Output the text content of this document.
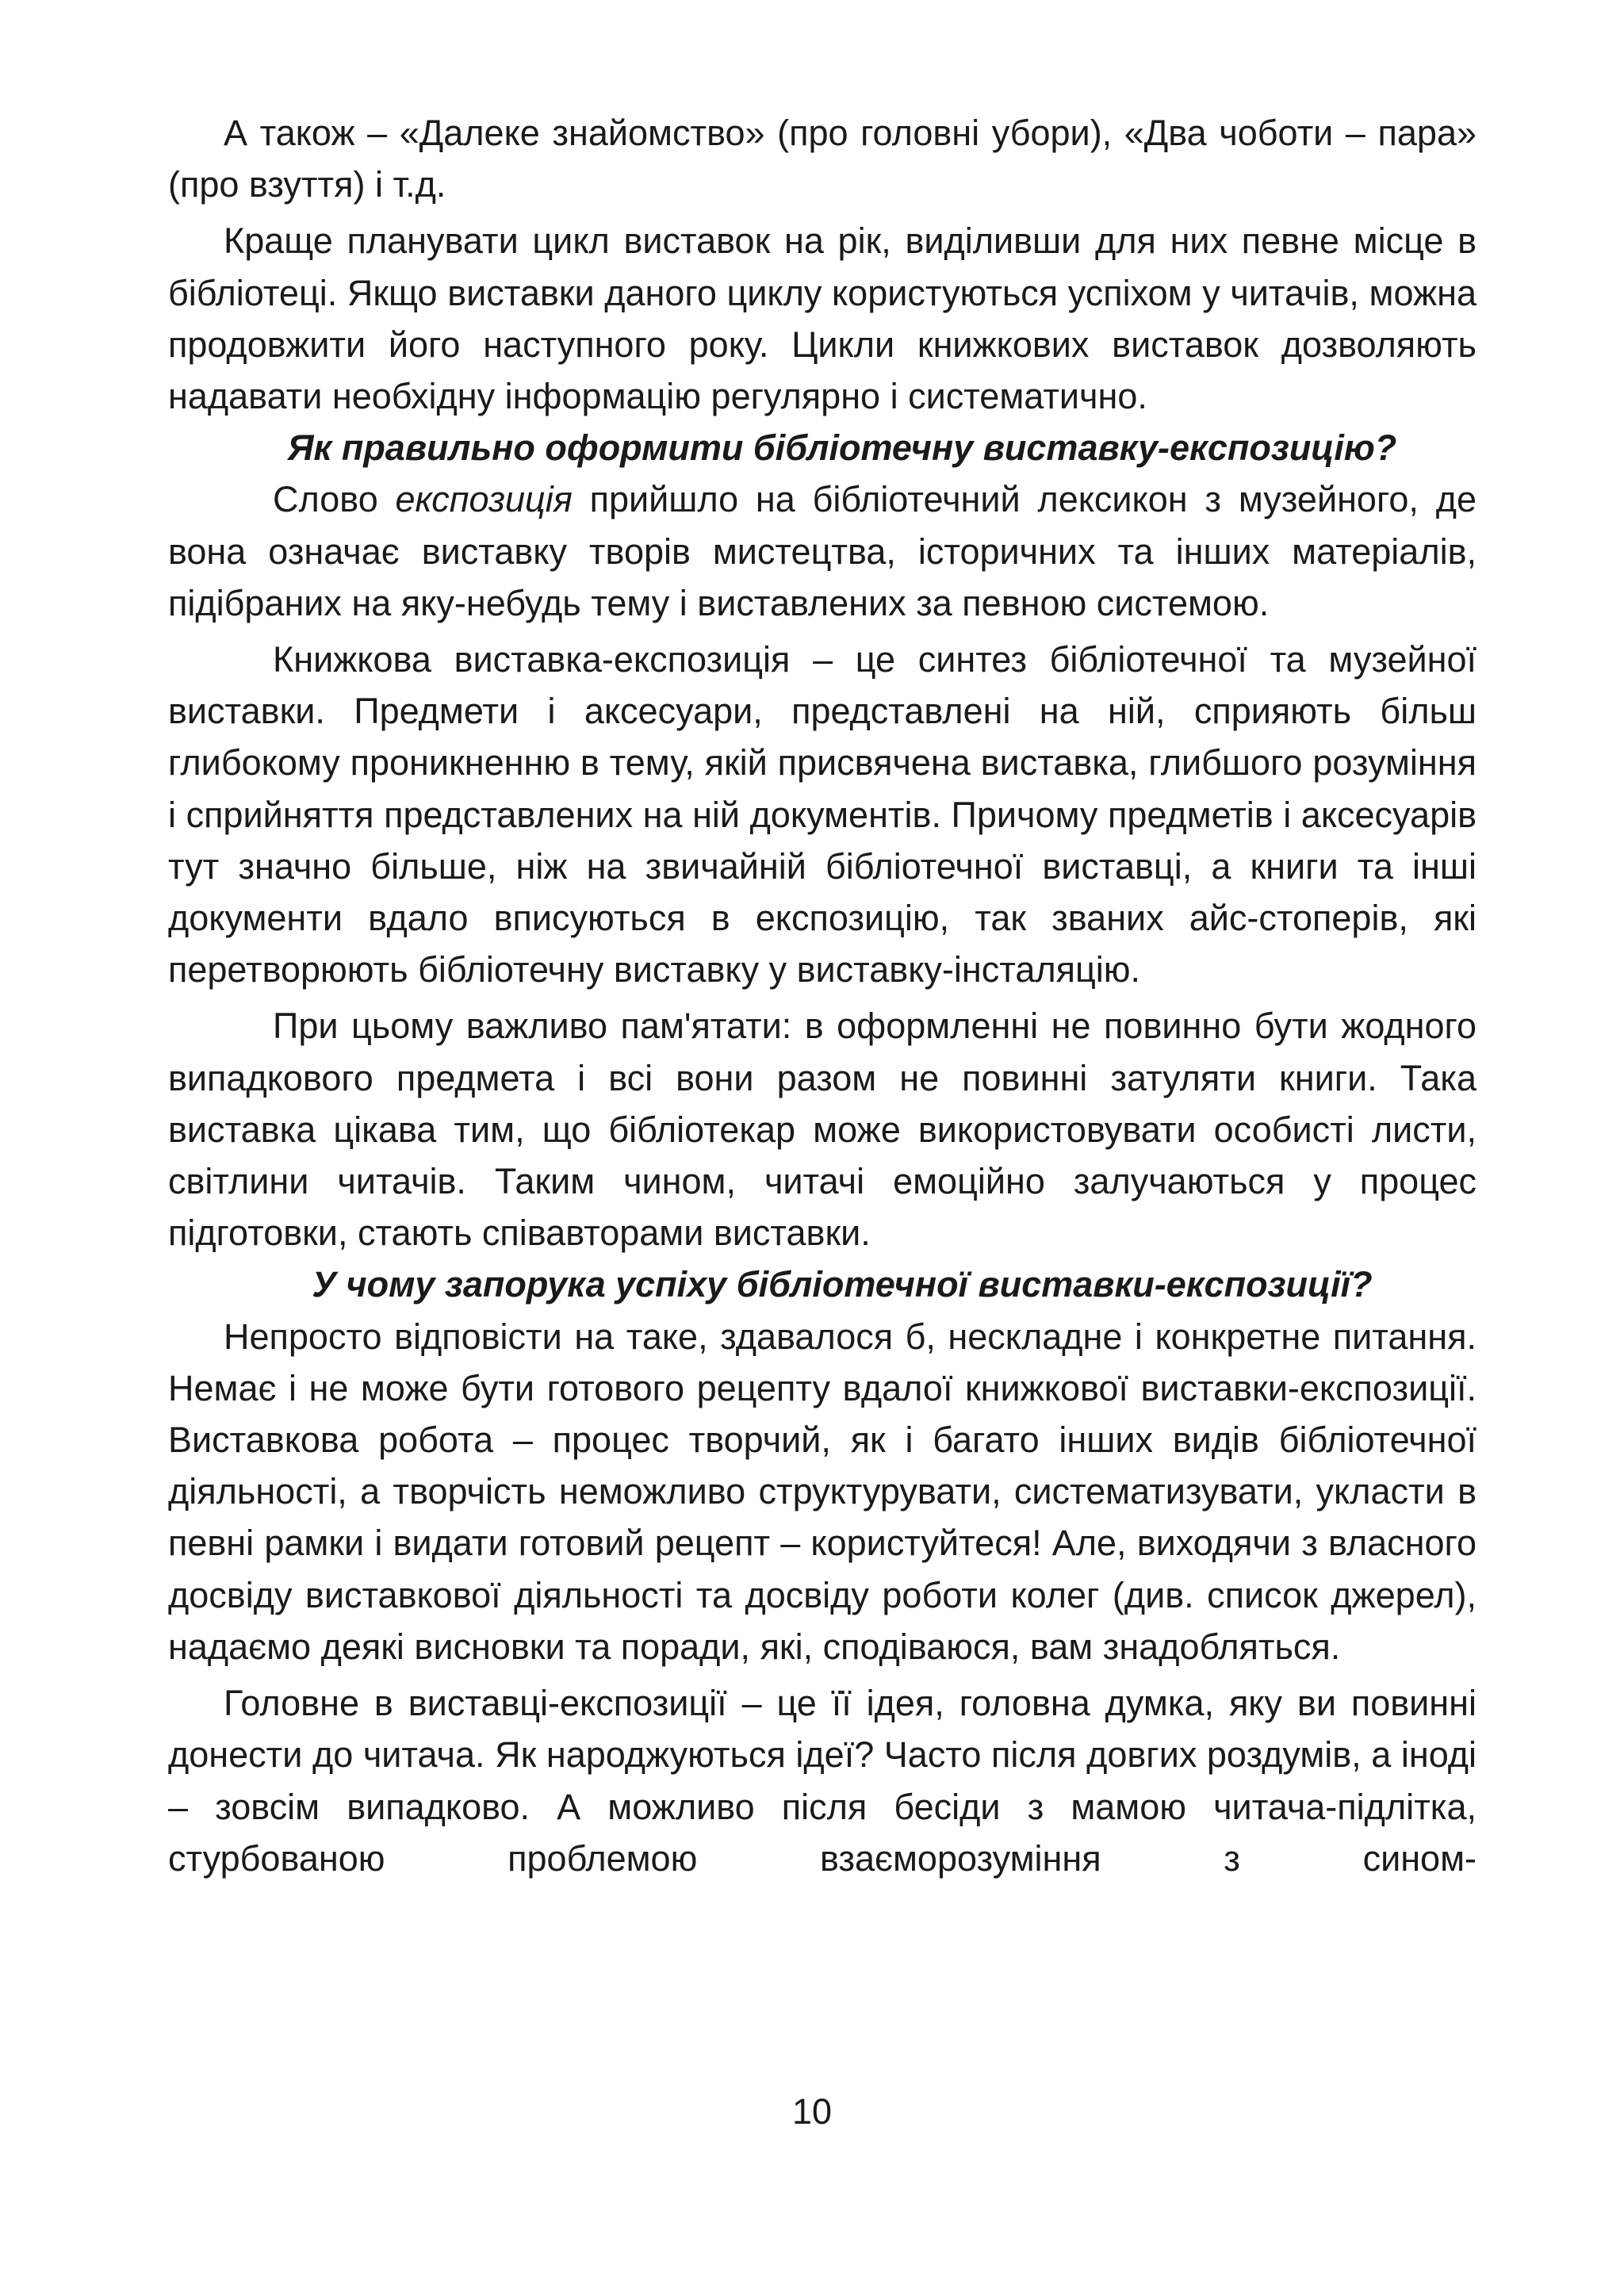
А також – «Далеке знайомство» (про головні убори), «Два чоботи – пара» (про взуття) і т.д.

Краще планувати цикл виставок на рік, виділивши для них певне місце в бібліотеці. Якщо виставки даного циклу користуються успіхом у читачів, можна продовжити його наступного року. Цикли книжкових виставок дозволяють надавати необхідну інформацію регулярно і систематично.

Як правильно оформити бібліотечну виставку-експозицію?

Слово експозиція прийшло на бібліотечний лексикон з музейного, де вона означає виставку творів мистецтва, історичних та інших матеріалів, підібраних на яку-небудь тему і виставлених за певною системою.

Книжкова виставка-експозиція – це синтез бібліотечної та музейної виставки. Предмети і аксесуари, представлені на ній, сприяють більш глибокому проникненню в тему, якій присвячена виставка, глибшого розуміння і сприйняття представлених на ній документів. Причому предметів і аксесуарів тут значно більше, ніж на звичайній бібліотечної виставці, а книги та інші документи вдало вписуються в експозицію, так званих айс-стоперів, які перетворюють бібліотечну виставку у виставку-інсталяцію.

При цьому важливо пам'ятати: в оформленні не повинно бути жодного випадкового предмета і всі вони разом не повинні затуляти книги. Така виставка цікава тим, що бібліотекар може використовувати особисті листи, світлини читачів. Таким чином, читачі емоційно залучаються у процес підготовки, стають співавторами виставки.

У чому запорука успіху бібліотечної виставки-експозиції?

Непросто відповісти на таке, здавалося б, нескладне і конкретне питання. Немає і не може бути готового рецепту вдалої книжкової виставки-експозиції. Виставкова робота – процес творчий, як і багато інших видів бібліотечної діяльності, а творчість неможливо структурувати, систематизувати, укласти в певні рамки і видати готовий рецепт – користуйтеся! Але, виходячи з власного досвіду виставкової діяльності та досвіду роботи колег (див. список джерел), надаємо деякі висновки та поради, які, сподіваюся, вам знадобляться.

Головне в виставці-експозиції – це її ідея, головна думка, яку ви повинні донести до читача. Як народжуються ідеї? Часто після довгих роздумів, а іноді – зовсім випадково. А можливо після бесіди з мамою читача-підлітка, стурбованою проблемою взаєморозуміння з сином-

10
